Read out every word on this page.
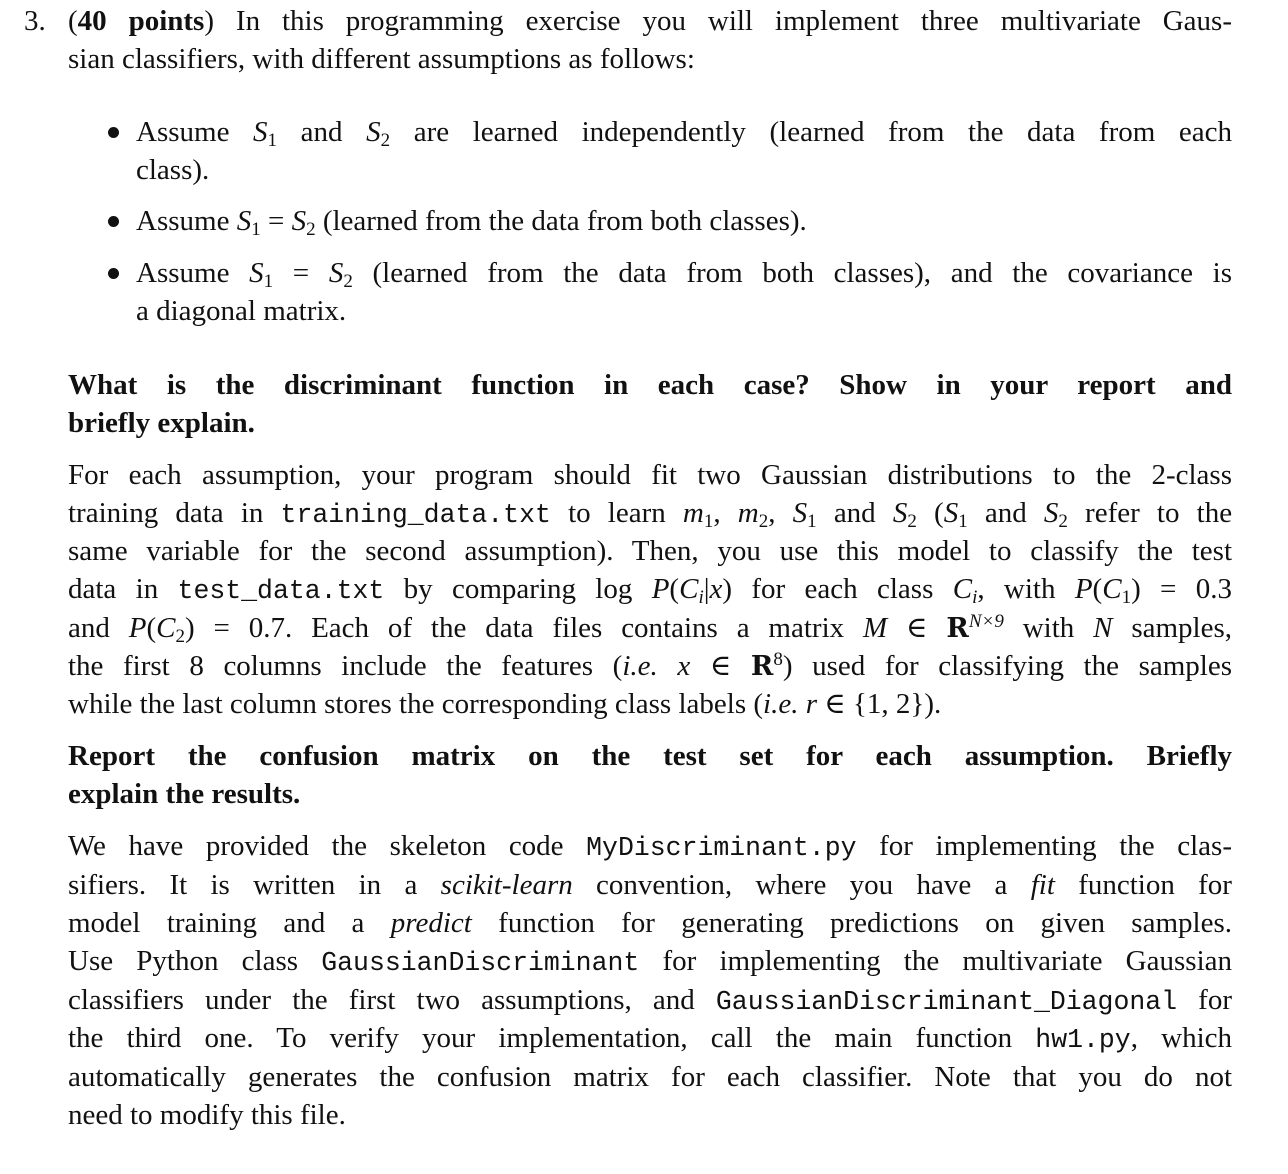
3. (40 points) In this programming exercise you will implement three multivariate Gaus-
sian classifiers, with different assumptions as follows:
Assume $S_1$ and $S_2$ are learned independently (learned from the data from each
class).
Assume $S_1 = S_2$ (learned from the data from both classes).
Assume $S_1 = S_2$ (learned from the data from both classes), and the covariance is
a diagonal matrix.
What is the discriminant function in each case? Show in your report and
briefly explain.
For each assumption, your program should fit two Gaussian distributions to the 2-class
training data in training_data.txt to learn $m_1$, $m_2$, $S_1$ and $S_2$ ($S_1$ and $S_2$ refer to the
same variable for the second assumption). Then, you use this model to classify the test
data in test_data.txt by comparing $\log P(C_i|x)$ for each class $C_i$, with $P(C_1) = 0.3$
and $P(C_2) = 0.7$. Each of the data files contains a matrix M ∈ $R^{N\times 9}$ with N samples,
the first 8 columns include the features (i.e. x ∈ $R^8$) used for classifying the samples
while the last column stores the corresponding class labels (i.e. r ∈ {1, 2}).
Report the confusion matrix on the test set for each assumption. Briefly
explain the results.
We have provided the skeleton code MyDiscriminant.py for implementing the clas-
sifiers. It is written in a scikit-learn convention, where you have a fit function for
model training and a predict function for generating predictions on given samples.
Use Python class GaussianDiscriminant for implementing the multivariate Gaussian
classifiers under the first two assumptions, and GaussianDiscriminant_Diagonal for
the third one. To verify your implementation, call the main function hw1.py, which
automatically generates the confusion matrix for each classifier. Note that you do not
need to modify this file.
